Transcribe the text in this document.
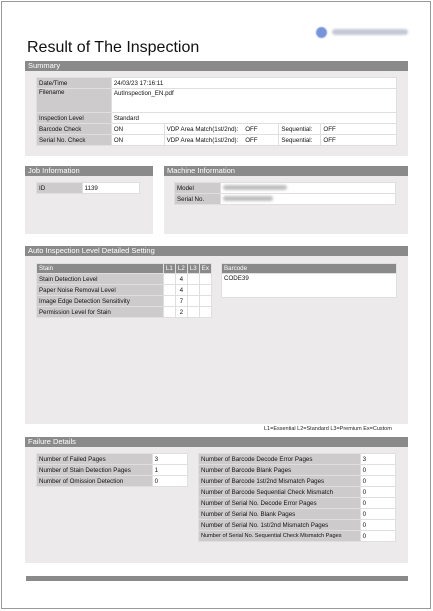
Result of The Inspection
Summary
Date/Time	24/03/23 17:16:11			
Filename	AutInspection_EN.pdf			
Inspection Level	Standard			
Barcode Check	ON	VDP Area Match(1st/2nd): OFF	Sequential:	OFF
Serial No. Check	ON	VDP Area Match(1st/2nd): OFF	Sequential:	OFF
Job Information
ID	1139
Machine Information
Model	
Serial No.	
Auto Inspection Level Detailed Setting
Stain	L1	L2	L3	Ex
Stain Detection Level		4		
Paper Noise Removal Level		4		
Image Edge Detection Sensitivity		7		
Permission Level for Stain		2		
Barcode
CODE39
L1=Essential L2=Standard L3=Premium Ex=Custom
Failure Details
Number of Failed Pages	3
Number of Stain Detection Pages	1
Number of Omission Detection	0
Number of Barcode Decode Error Pages	3
Number of Barcode Blank Pages	0
Number of Barcode 1st/2nd Mismatch Pages	0
Number of Barcode Sequential Check Mismatch	0
Number of Serial No. Decode Error Pages	0
Number of Serial No. Blank Pages	0
Number of Serial No. 1st/2nd Mismatch Pages	0
Number of Serial No. Sequential Check Mismatch Pages	0
